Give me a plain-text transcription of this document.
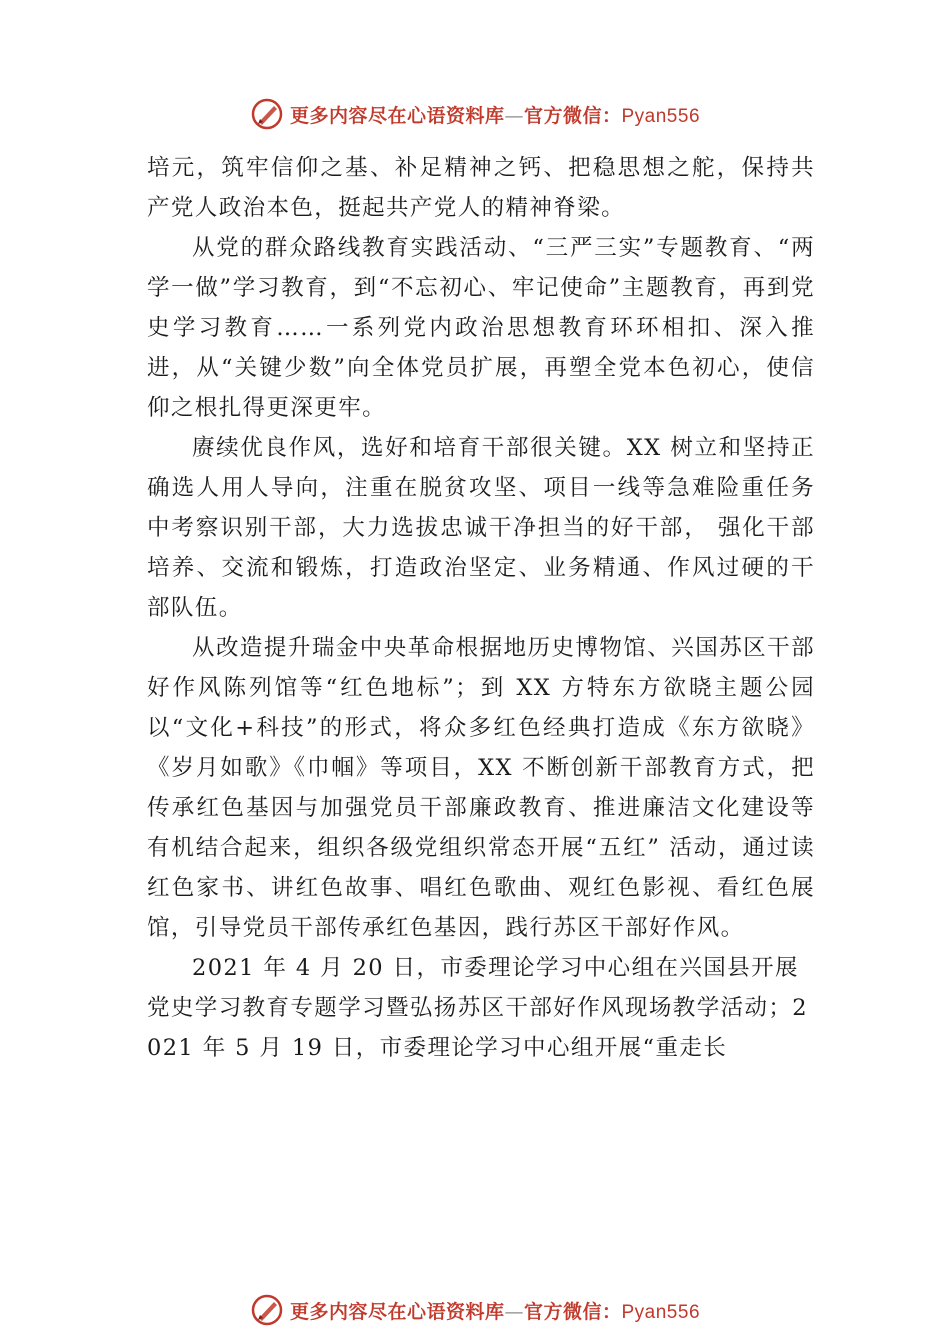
更多内容尽在心语资料库—官方微信：Pyan556

培元，筑牢信仰之基、补足精神之钙、把稳思想之舵，保持共产党人政治本色，挺起共产党人的精神脊梁。

从党的群众路线教育实践活动、“三严三实”专题教育、“两学一做”学习教育，到“不忘初心、牢记使命”主题教育，再到党史学习教育……一系列党内政治思想教育环环相扣、深入推进，从“关键少数”向全体党员扩展，再塑全党本色初心，使信仰之根扎得更深更牢。

赓续优良作风，选好和培育干部很关键。XX 树立和坚持正确选人用人导向，注重在脱贫攻坚、项目一线等急难险重任务中考察识别干部，大力选拔忠诚干净担当的好干部， 强化干部培养、交流和锻炼，打造政治坚定、业务精通、作风过硬的干部队伍。

从改造提升瑞金中央革命根据地历史博物馆、兴国苏区干部好作风陈列馆等“红色地标”；到 XX 方特东方欲晓主题公园以“文化+科技”的形式，将众多红色经典打造成《东方欲晓》《岁月如歌》《巾帼》等项目，XX 不断创新干部教育方式，把传承红色基因与加强党员干部廉政教育、推进廉洁文化建设等有机结合起来，组织各级党组织常态开展“五红” 活动，通过读红色家书、讲红色故事、唱红色歌曲、观红色影视、看红色展馆，引导党员干部传承红色基因，践行苏区干部好作风。

2021 年 4 月 20 日，市委理论学习中心组在兴国县开展党史学习教育专题学习暨弘扬苏区干部好作风现场教学活动；2021 年 5 月 19 日，市委理论学习中心组开展“重走长

更多内容尽在心语资料库—官方微信：Pyan556
